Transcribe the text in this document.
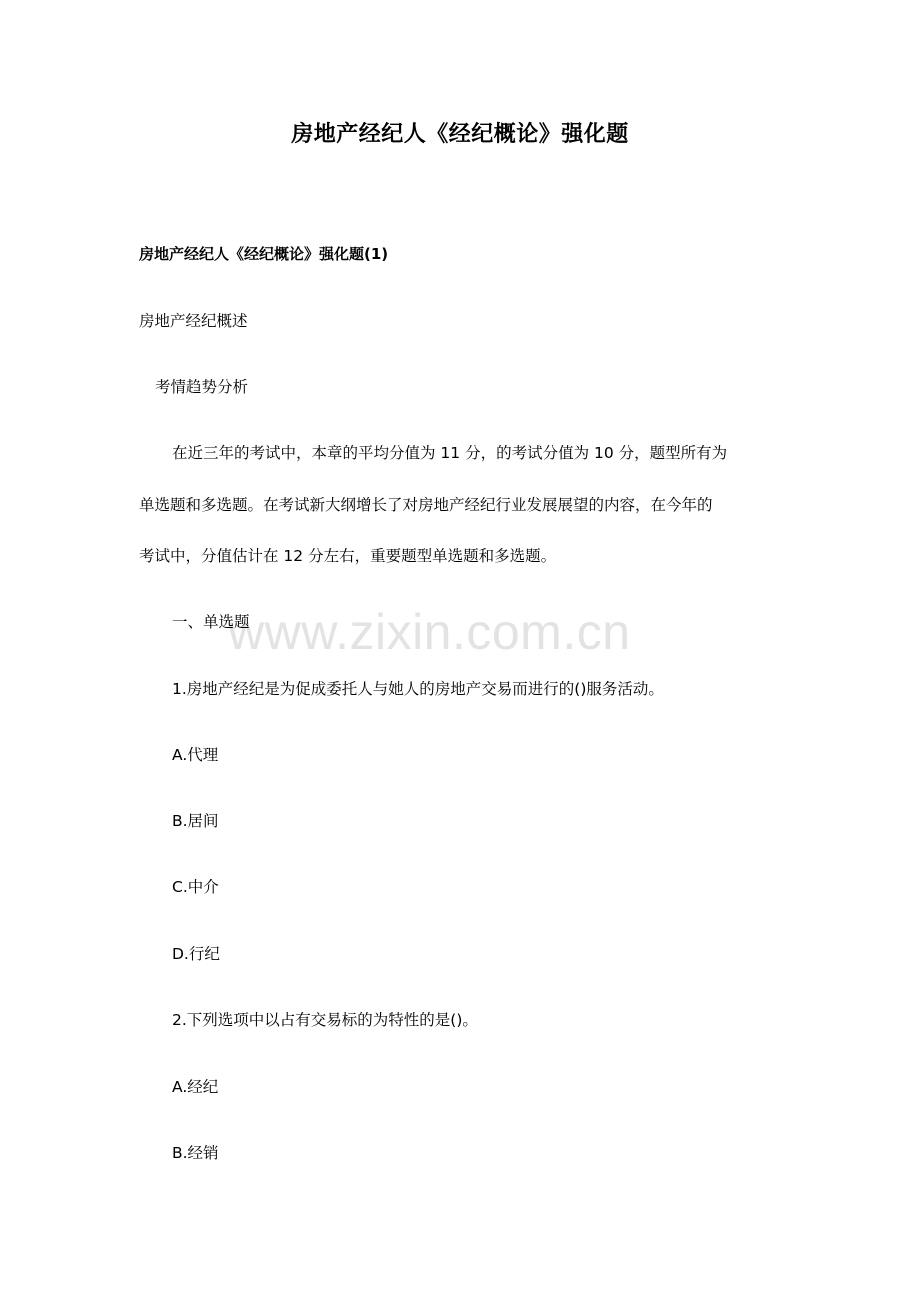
www.zixin.com.cn
房地产经纪人《经纪概论》强化题
房地产经纪人《经纪概论》强化题(1)
房地产经纪概述
考情趋势分析
在近三年的考试中，本章的平均分值为 11 分，的考试分值为 10 分，题型所有为
单选题和多选题。在考试新大纲增长了对房地产经纪行业发展展望的内容，在今年的
考试中，分值估计在 12 分左右，重要题型单选题和多选题。
一、单选题
1.房地产经纪是为促成委托人与她人的房地产交易而进行的()服务活动。
A.代理
B.居间
C.中介
D.行纪
2.下列选项中以占有交易标的为特性的是()。
A.经纪
B.经销
